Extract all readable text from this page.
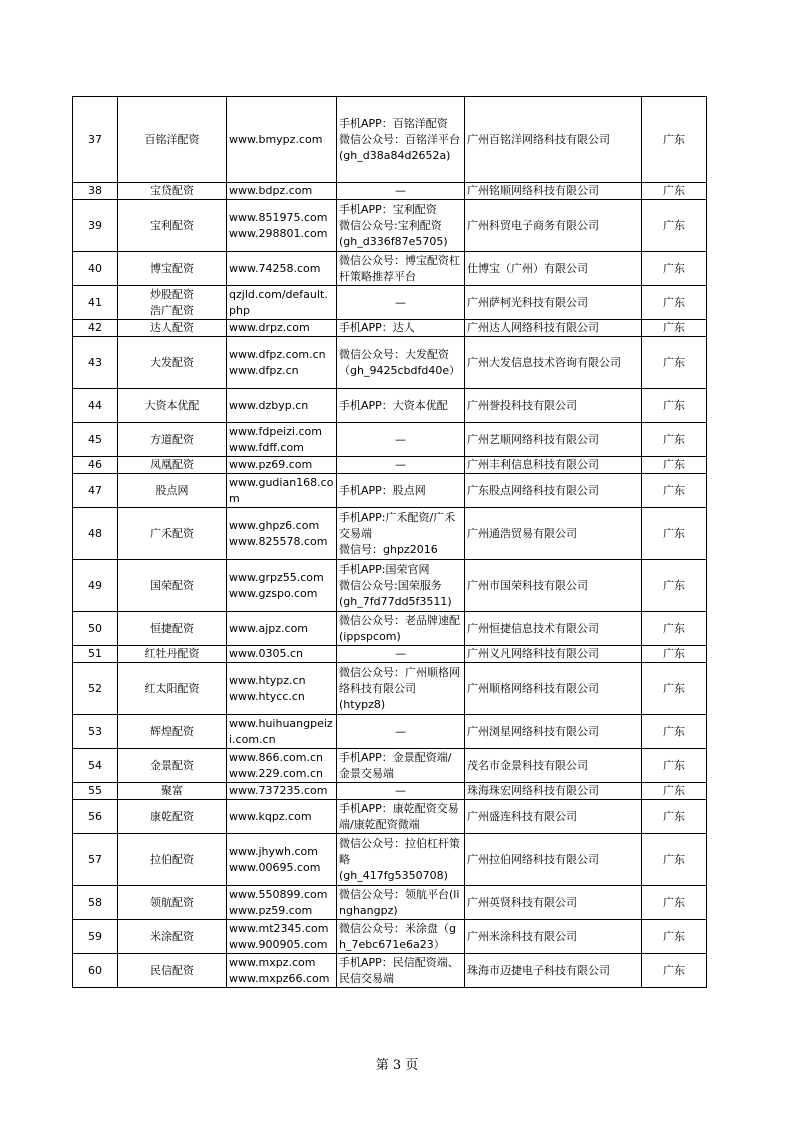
37	百铭洋配资	www.bmypz.com	手机APP：百铭洋配资
微信公众号：百铭洋平台
(gh_d38a84d2652a)	广州百铭洋网络科技有限公司	广东
38	宝贷配资	www.bdpz.com	—	广州铭顺网络科技有限公司	广东
39	宝利配资	www.851975.com
www.298801.com	手机APP：宝利配资
微信公众号:宝利配资
(gh_d336f87e5705)	广州科贸电子商务有限公司	广东
40	博宝配资	www.74258.com	微信公众号：博宝配资杠杆策略推荐平台	仕博宝（广州）有限公司	广东
41	炒股配资
浩广配资	qzjld.com/default.php	—	广州萨柯光科技有限公司	广东
42	达人配资	www.drpz.com	手机APP：达人	广州达人网络科技有限公司	广东
43	大发配资	www.dfpz.com.cn
www.dfpz.cn	微信公众号：大发配资
（gh_9425cbdfd40e）	广州大发信息技术咨询有限公司	广东
44	大资本优配	www.dzbyp.cn	手机APP：大资本优配	广州誉投科技有限公司	广东
45	方道配资	www.fdpeizi.com
www.fdff.com	—	广州艺顺网络科技有限公司	广东
46	凤凰配资	www.pz69.com	—	广州丰利信息科技有限公司	广东
47	股点网	www.gudian168.com	手机APP：股点网	广东股点网络科技有限公司	广东
48	广禾配资	www.ghpz6.com
www.825578.com	手机APP:广禾配资/广禾交易端
微信号：ghpz2016	广州通浩贸易有限公司	广东
49	国荣配资	www.grpz55.com
www.gzspo.com	手机APP:国荣官网
微信公众号:国荣服务
(gh_7fd77dd5f3511)	广州市国荣科技有限公司	广东
50	恒捷配资	www.ajpz.com	微信公众号：老品牌速配(ippspcom)	广州恒捷信息技术有限公司	广东
51	红牡丹配资	www.0305.cn	—	广州义凡网络科技有限公司	广东
52	红太阳配资	www.htypz.cn
www.htycc.cn	微信公众号：广州顺格网络科技有限公司
(htypz8)	广州顺格网络科技有限公司	广东
53	辉煌配资	www.huihuangpeizi.com.cn	—	广州浏星网络科技有限公司	广东
54	金景配资	www.866.com.cn
www.229.com.cn	手机APP：金景配资端/金景交易端	茂名市金景科技有限公司	广东
55	聚富	www.737235.com	—	珠海珠宏网络科技有限公司	广东
56	康乾配资	www.kqpz.com	手机APP：康乾配资交易端/康乾配资微端	广州盛连科技有限公司	广东
57	拉伯配资	www.jhywh.com
www.00695.com	微信公众号：拉伯杠杆策略
(gh_417fg5350708)	广州拉伯网络科技有限公司	广东
58	领航配资	www.550899.com
www.pz59.com	微信公众号：领航平台(linghangpz)	广州英贤科技有限公司	广东
59	米涂配资	www.mt2345.com
www.900905.com	微信公众号：米涂盘（gh_7ebc671e6a23）	广州米涂科技有限公司	广东
60	民信配资	www.mxpz.com
www.mxpz66.com	手机APP：民信配资端、民信交易端	珠海市迈捷电子科技有限公司	广东
第 3 页
